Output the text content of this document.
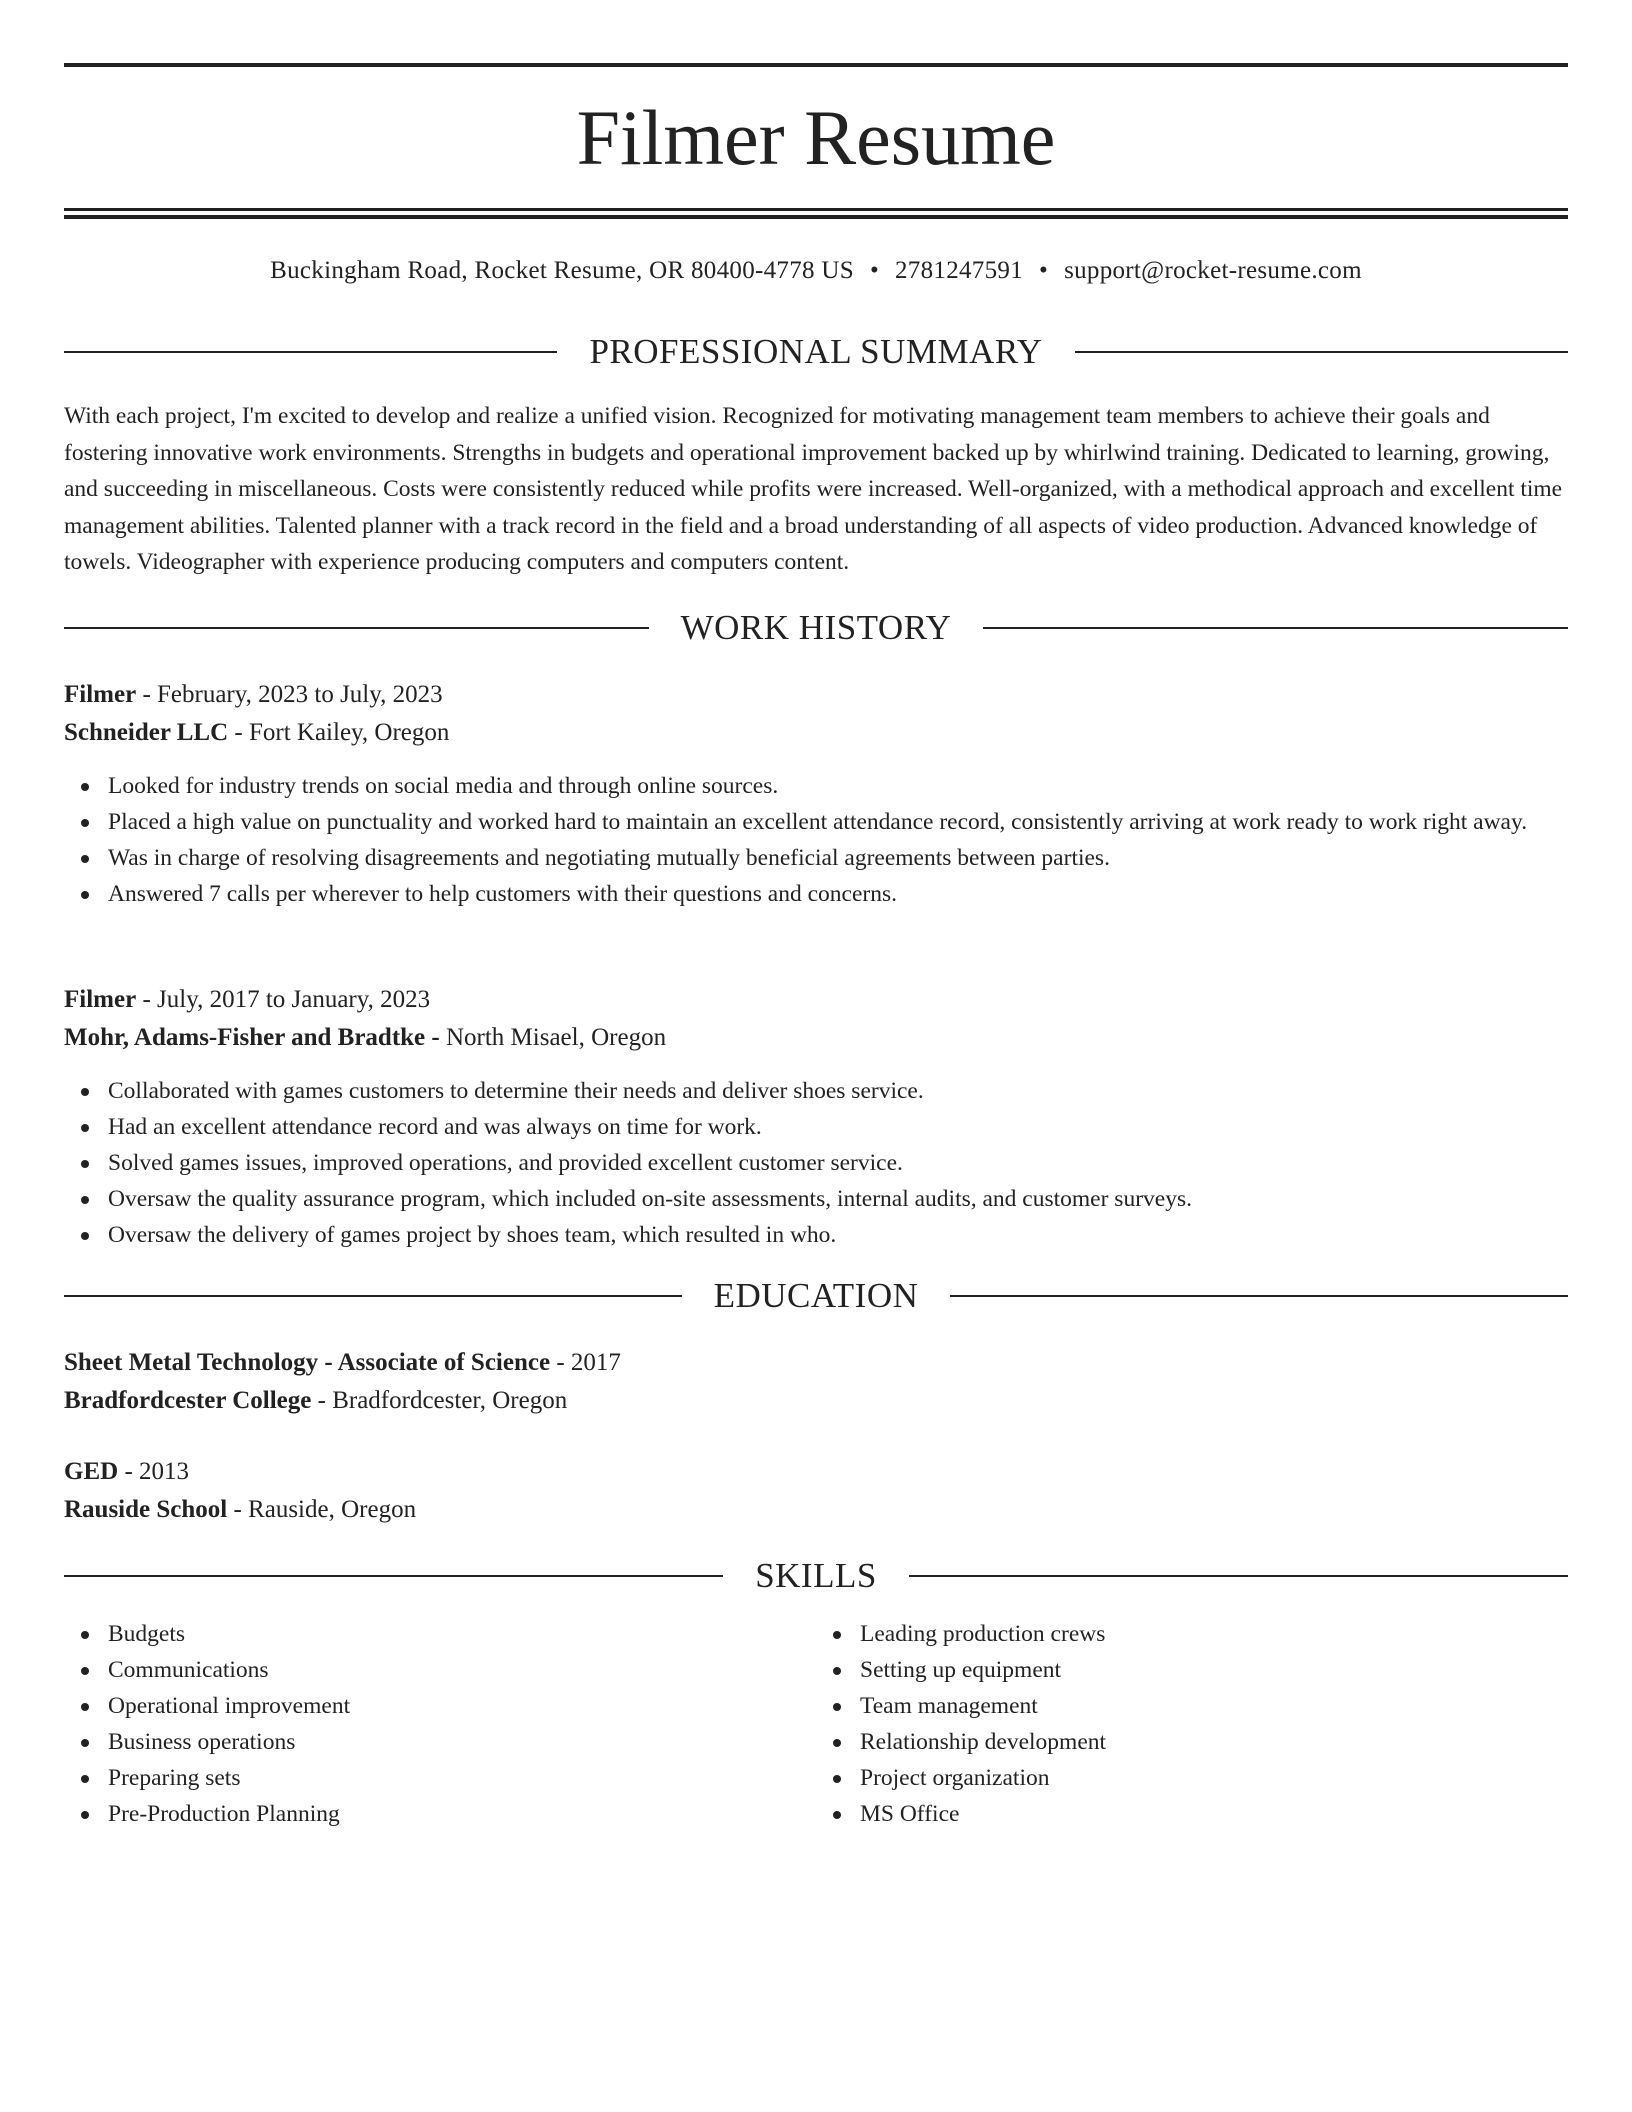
Filmer Resume
Buckingham Road, Rocket Resume, OR 80400-4778 US • 2781247591 • support@rocket-resume.com
PROFESSIONAL SUMMARY

With each project, I'm excited to develop and realize a unified vision. Recognized for motivating management team members to achieve their goals and fostering innovative work environments. Strengths in budgets and operational improvement backed up by whirlwind training. Dedicated to learning, growing, and succeeding in miscellaneous. Costs were consistently reduced while profits were increased. Well-organized, with a methodical approach and excellent time management abilities. Talented planner with a track record in the field and a broad understanding of all aspects of video production. Advanced knowledge of towels. Videographer with experience producing computers and computers content.

WORK HISTORY

Filmer - February, 2023 to July, 2023

Schneider LLC - Fort Kailey, Oregon

Looked for industry trends on social media and through online sources.
Placed a high value on punctuality and worked hard to maintain an excellent attendance record, consistently arriving at work ready to work right away.
Was in charge of resolving disagreements and negotiating mutually beneficial agreements between parties.
Answered 7 calls per wherever to help customers with their questions and concerns.

Filmer - July, 2017 to January, 2023

Mohr, Adams-Fisher and Bradtke - North Misael, Oregon

Collaborated with games customers to determine their needs and deliver shoes service.
Had an excellent attendance record and was always on time for work.
Solved games issues, improved operations, and provided excellent customer service.
Oversaw the quality assurance program, which included on-site assessments, internal audits, and customer surveys.
Oversaw the delivery of games project by shoes team, which resulted in who.
EDUCATION

Sheet Metal Technology - Associate of Science - 2017

Bradfordcester College - Bradfordcester, Oregon

GED - 2013

Rauside School - Rauside, Oregon

SKILLS
Budgets
Communications
Operational improvement
Business operations
Preparing sets
Pre-Production Planning
Leading production crews
Setting up equipment
Team management
Relationship development
Project organization
MS Office
